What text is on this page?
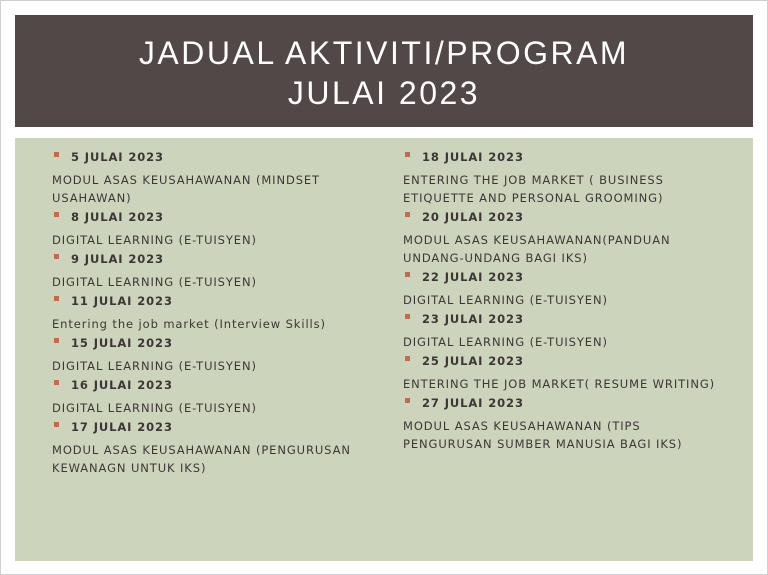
JADUAL AKTIVITI/PROGRAM
JULAI 2023
5 JULAI 2023
MODUL ASAS KEUSAHAWANAN (MINDSET USAHAWAN)
8 JULAI 2023
DIGITAL LEARNING (E-TUISYEN)
9 JULAI 2023
DIGITAL LEARNING (E-TUISYEN)
11 JULAI 2023
Entering the job market (Interview Skills)
15 JULAI 2023
DIGITAL LEARNING (E-TUISYEN)
16 JULAI 2023
DIGITAL LEARNING (E-TUISYEN)
17 JULAI 2023
MODUL ASAS KEUSAHAWANAN (PENGURUSAN KEWANAGN UNTUK IKS)
18 JULAI 2023
ENTERING THE JOB MARKET ( BUSINESS ETIQUETTE AND PERSONAL GROOMING)
20 JULAI 2023
MODUL ASAS KEUSAHAWANAN(PANDUAN UNDANG-UNDANG BAGI IKS)
22 JULAI 2023
DIGITAL LEARNING (E-TUISYEN)
23 JULAI 2023
DIGITAL LEARNING (E-TUISYEN)
25 JULAI 2023
ENTERING THE JOB MARKET( RESUME WRITING)
27 JULAI 2023
MODUL ASAS KEUSAHAWANAN (TIPS PENGURUSAN SUMBER MANUSIA BAGI IKS)
